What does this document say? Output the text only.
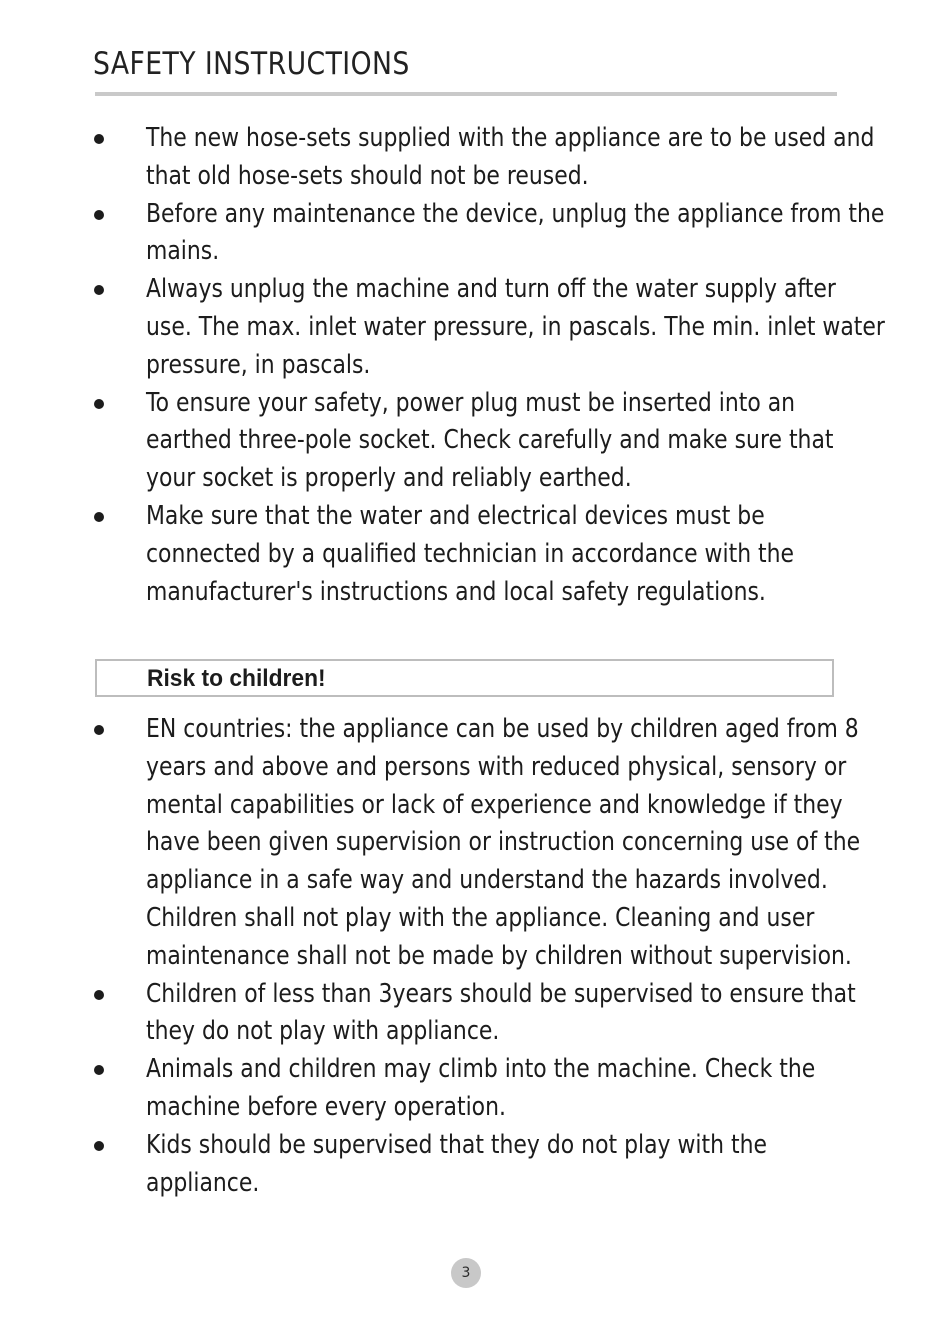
SAFETY INSTRUCTIONS
The new hose-sets supplied with the appliance are to be used and that old hose-sets should not be reused.
Before any maintenance the device, unplug the appliance from the mains.
Always unplug the machine and turn off the water supply after use. The max. inlet water pressure, in pascals. The min. inlet water pressure, in pascals.
To ensure your safety, power plug must be inserted into an earthed three-pole socket. Check carefully and make sure that your socket is properly and reliably earthed.
Make sure that the water and electrical devices must be connected by a qualified technician in accordance with the manufacturer's instructions and local safety regulations.
Risk to children!
EN countries: the appliance can be used by children aged from 8 years and above and persons with reduced physical, sensory or mental capabilities or lack of experience and knowledge if they have been given supervision or instruction concerning use of the appliance in a safe way and understand the hazards involved. Children shall not play with the appliance. Cleaning and user maintenance shall not be made by children without supervision.
Children of less than 3years should be supervised to ensure that they do not play with appliance.
Animals and children may climb into the machine. Check the machine before every operation.
Kids should be supervised that they do not play with the appliance.
3
